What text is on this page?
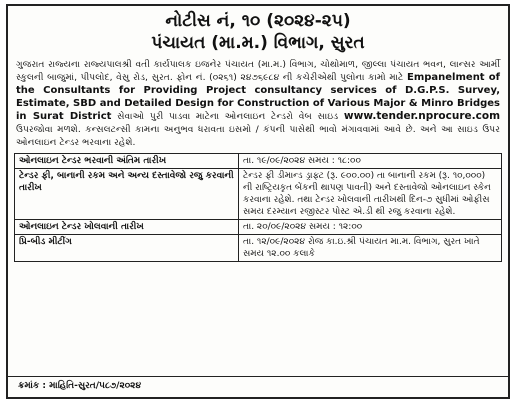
નોટીસ નં, ૧૦ (૨૦૨૪-૨૫)
પંચાયત (મા.મ.) વિભાગ, સુરત
ગુજરાત રાજ્યના રાજ્યપાલશ્રી વતી કાર્યપાલક ઇજનેર પંચાયત (મા.મ.) વિભાગ, ચોથોમાળ, જીલ્લા પંચાયત ભવન, લાન્સર આર્મી સ્કુલની બાજુમાં, પીપલોદ, વેસુ રોડ, સુરત. ફોન નં. (૦૨૬૧) ૨૪૭૬૯૮૪ ની કચેરીએથી પુલોના કામો માટે Empanelment of the Consultants for Providing Project consultancy services of D.G.P.S. Survey, Estimate, SBD and Detailed Design for Construction of Various Major & Minro Bridges in Surat District સેવાઓ પુરી પાડવા માટેના ઓનલાઇન ટેન્ડરો વેબ સાઇડ www.tender.nprocure.com ઉપરજોવા મળશે. કન્સલટન્સી કામના અનુભવ ધરાવતા ઇસમો / કંપની પાસેથી ભાવો મંગાવવામાં આવે છે. અને આ સાઇડ ઉપર ઓનલાઇન ટેન્ડર ભરવાના રહેશે.
ઓનલાઇન ટેન્ડર ભરવાની અંતિમ તારીખ	તા. ૧૯/૦૯/૨૦૨૪ સમય : ૧૮:૦૦
ટેન્ડર ફી, બાનાની રકમ અને અન્ય દસ્તાવેજો રજુ કરવાની તારીખ	ટેન્ડર ફી ડીમાન્ડ ડ્રાફ્ટ (રૂ. ૯૦૦.૦૦) તા બાનાની રકમ (રૂ. ૧૦,૦૦૦) ની રાષ્ટ્રિયકૃત બેંકની થાપણ પાવતી) અને દસ્તાવેજો ઓનલાઇન સ્કેન કરવાના રહેશે. તથા ટેન્ડર ખોલવાની તારીખથી દિન-૭ સુધીમાં ઓફીસ સમય દરમ્યાન રજીસ્ટર પોસ્ટ એ.ડી થી રજુ કરવાના રહેશે.
ઓનલાઇન ટેન્ડર ખોલવાની તારીખ	તા. ૨૦/૦૯/૨૦૨૪ સમય : ૧૨:૦૦
પ્રિ-બીડ મીટીંગ	તા. ૧૨/૦૯/૨૦૨૪ રોજ કા.ઇ.શ્રી પંચાયત મા.મ. વિભાગ, સુરત ખાતે સમય ૧૨.૦૦ કલાકે
ક્રમાંક : માહિતિ-સુરત/૫૮૭/૨૦૨૪
